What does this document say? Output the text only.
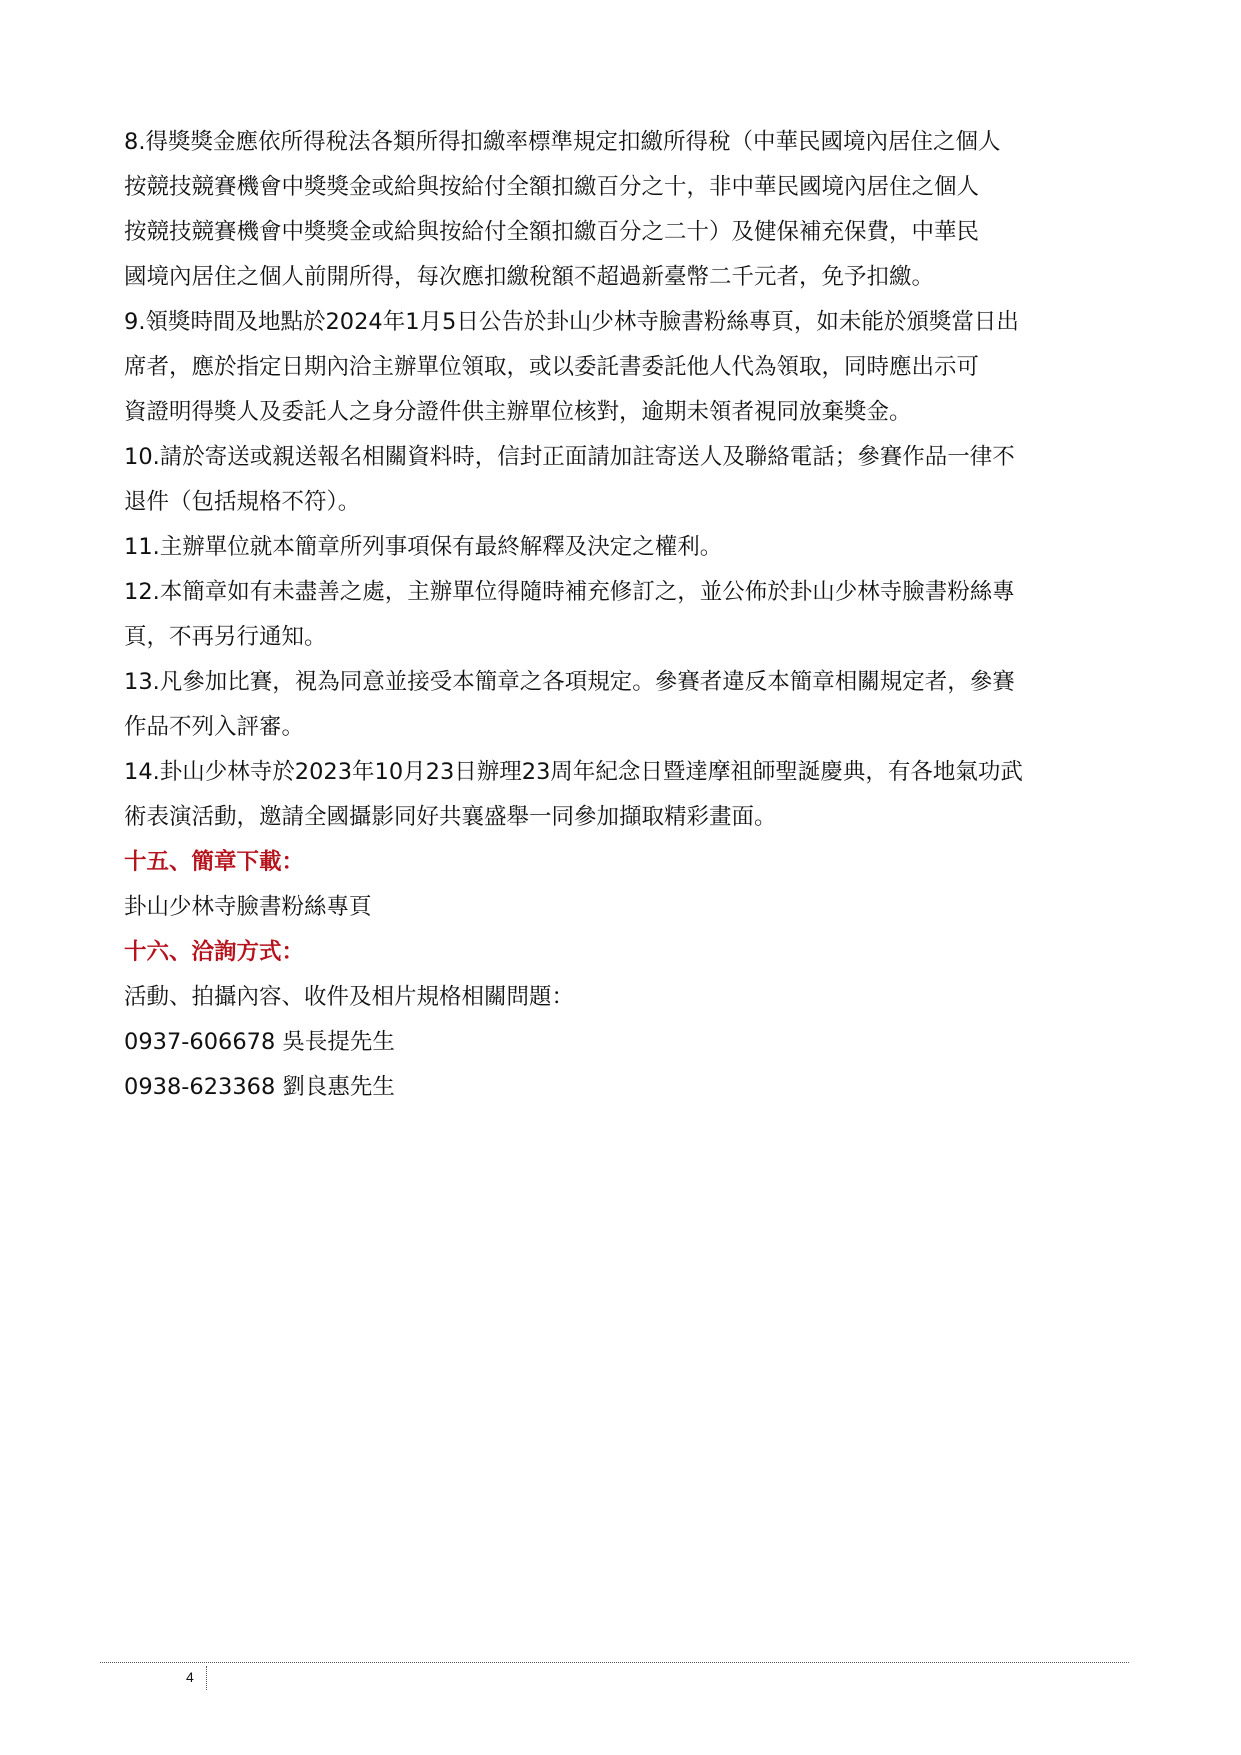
8.得獎獎金應依所得稅法各類所得扣繳率標準規定扣繳所得稅（中華民國境內居住之個人
按競技競賽機會中獎獎金或給與按給付全額扣繳百分之十，非中華民國境內居住之個人
按競技競賽機會中獎獎金或給與按給付全額扣繳百分之二十）及健保補充保費，中華民
國境內居住之個人前開所得，每次應扣繳稅額不超過新臺幣二千元者，免予扣繳。
9.領獎時間及地點於2024年1月5日公告於卦山少林寺臉書粉絲專頁，如未能於頒獎當日出
席者，應於指定日期內洽主辦單位領取，或以委託書委託他人代為領取，同時應出示可
資證明得獎人及委託人之身分證件供主辦單位核對，逾期未領者視同放棄獎金。
10.請於寄送或親送報名相關資料時，信封正面請加註寄送人及聯絡電話；參賽作品一律不
退件（包括規格不符）。
11.主辦單位就本簡章所列事項保有最終解釋及決定之權利。
12.本簡章如有未盡善之處，主辦單位得隨時補充修訂之，並公佈於卦山少林寺臉書粉絲專
頁，不再另行通知。
13.凡參加比賽，視為同意並接受本簡章之各項規定。參賽者違反本簡章相關規定者，參賽
作品不列入評審。
14.卦山少林寺於2023年10月23日辦理23周年紀念日暨達摩祖師聖誕慶典，有各地氣功武
術表演活動，邀請全國攝影同好共襄盛舉一同參加擷取精彩畫面。

十五、簡章下載：

卦山少林寺臉書粉絲專頁

十六、洽詢方式：

活動、拍攝內容、收件及相片規格相關問題：

0937-606678 吳長提先生

0938-623368 劉良惠先生

4
